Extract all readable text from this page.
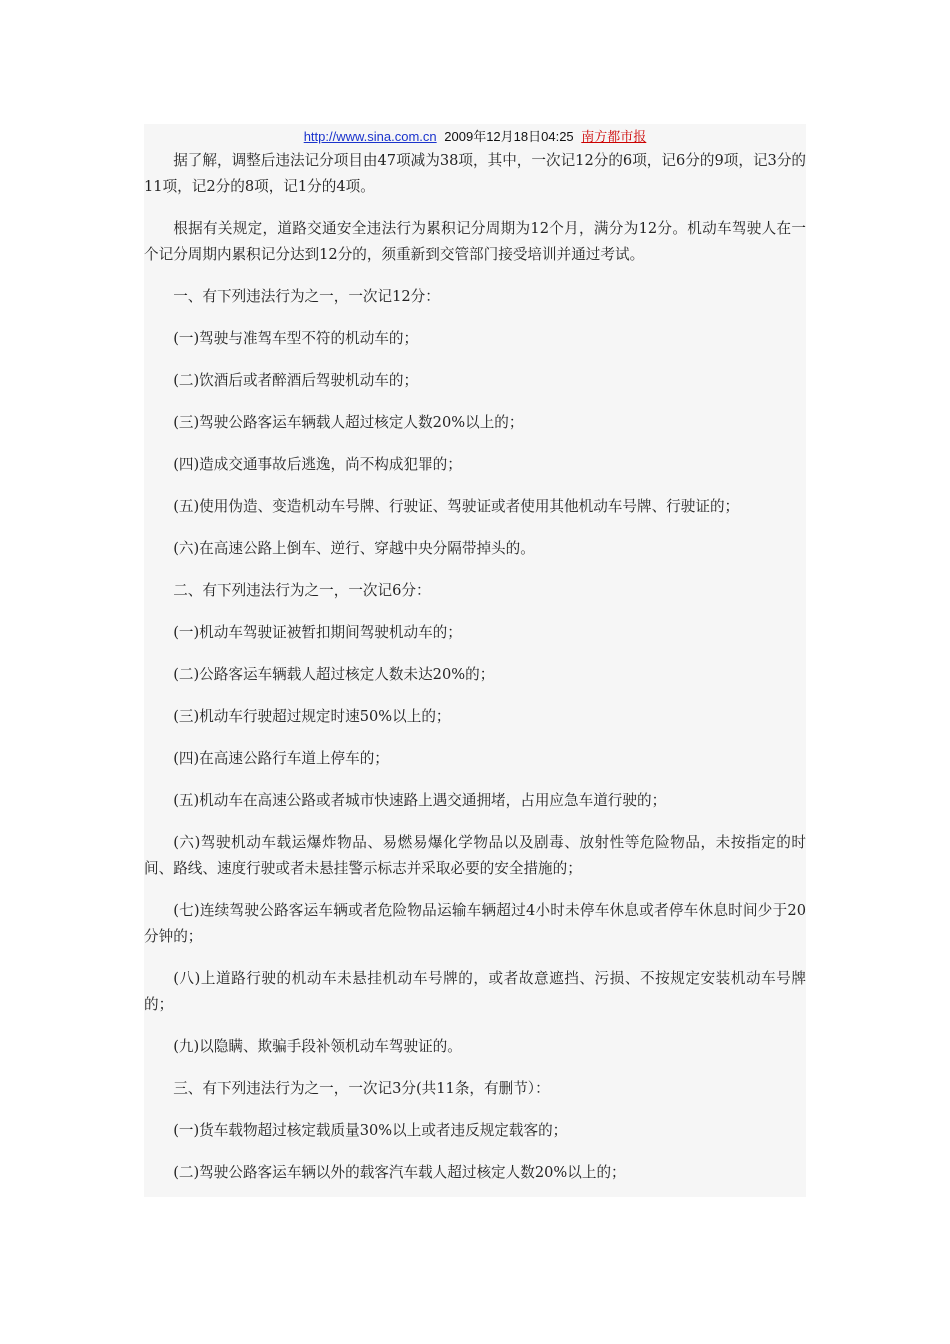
http://www.sina.com.cn 2009年12月18日04:25 南方都市报

据了解，调整后违法记分项目由47项减为38项，其中，一次记12分的6项，记6分的9项，记3分的11项，记2分的8项，记1分的4项。

根据有关规定，道路交通安全违法行为累积记分周期为12个月，满分为12分。机动车驾驶人在一个记分周期内累积记分达到12分的，须重新到交管部门接受培训并通过考试。

一、有下列违法行为之一，一次记12分：

(一)驾驶与准驾车型不符的机动车的；

(二)饮酒后或者醉酒后驾驶机动车的；

(三)驾驶公路客运车辆载人超过核定人数20%以上的；

(四)造成交通事故后逃逸，尚不构成犯罪的；

(五)使用伪造、变造机动车号牌、行驶证、驾驶证或者使用其他机动车号牌、行驶证的；

(六)在高速公路上倒车、逆行、穿越中央分隔带掉头的。

二、有下列违法行为之一，一次记6分：

(一)机动车驾驶证被暂扣期间驾驶机动车的；

(二)公路客运车辆载人超过核定人数未达20%的；

(三)机动车行驶超过规定时速50%以上的；

(四)在高速公路行车道上停车的；

(五)机动车在高速公路或者城市快速路上遇交通拥堵，占用应急车道行驶的；

(六)驾驶机动车载运爆炸物品、易燃易爆化学物品以及剧毒、放射性等危险物品，未按指定的时间、路线、速度行驶或者未悬挂警示标志并采取必要的安全措施的；

(七)连续驾驶公路客运车辆或者危险物品运输车辆超过4小时未停车休息或者停车休息时间少于20分钟的；

(八)上道路行驶的机动车未悬挂机动车号牌的，或者故意遮挡、污损、不按规定安装机动车号牌的；

(九)以隐瞒、欺骗手段补领机动车驾驶证的。

三、有下列违法行为之一，一次记3分(共11条，有删节）：

(一)货车载物超过核定载质量30%以上或者违反规定载客的；

(二)驾驶公路客运车辆以外的载客汽车载人超过核定人数20%以上的；
